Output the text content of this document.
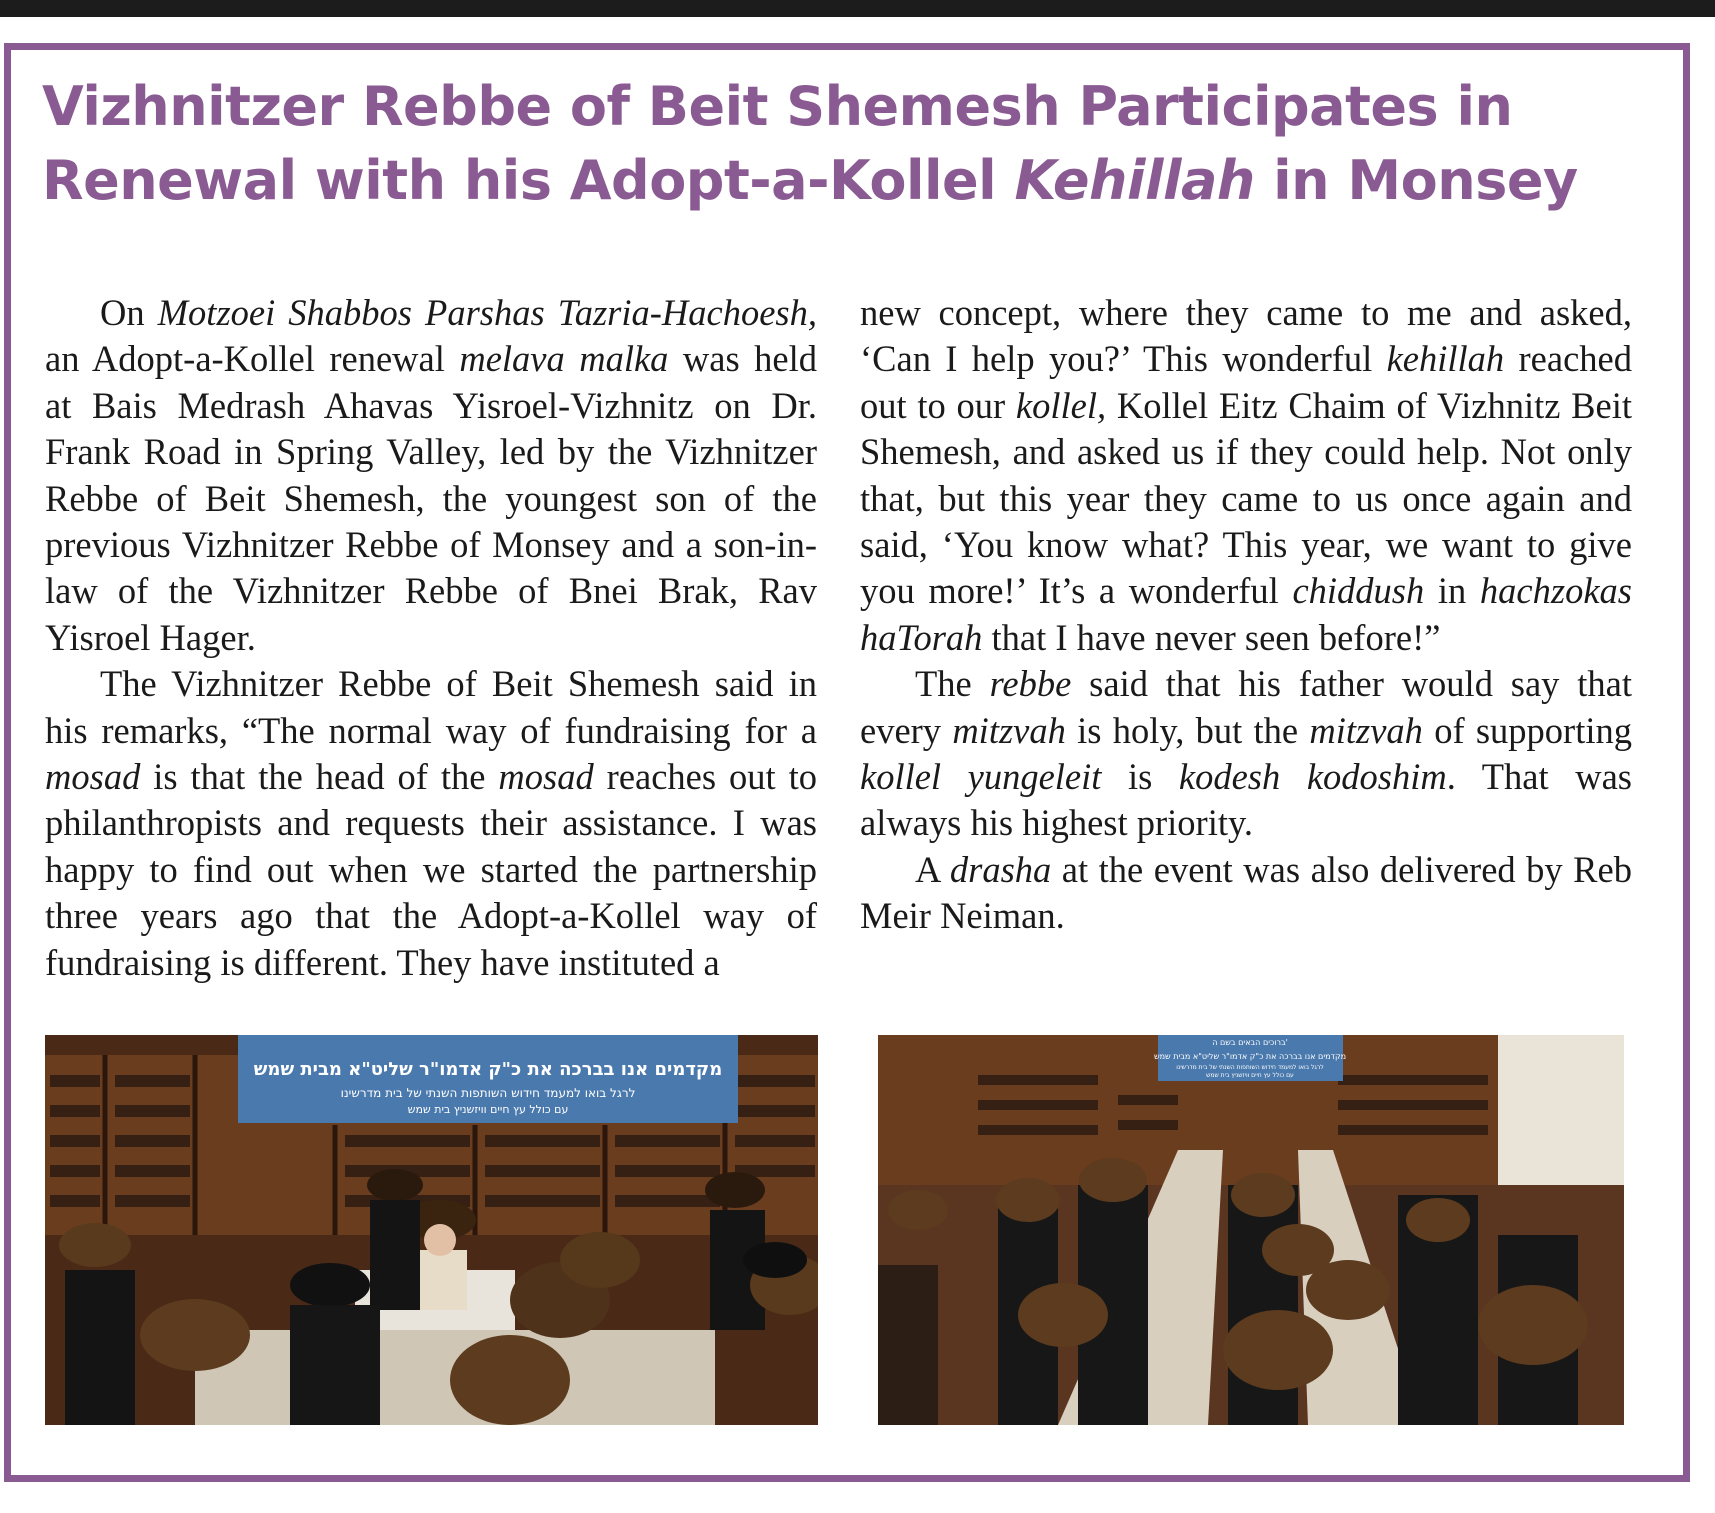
Vizhnitzer Rebbe of Beit Shemesh Participates in
Renewal with his Adopt-a-Kollel Kehillah in Monsey

On Motzoei Shabbos Parshas Tazria-Hachoesh, an Adopt-a-Kollel renewal melava malka was held at Bais Medrash Ahavas Yisroel-Vizhnitz on Dr. Frank Road in Spring Valley, led by the Vizhnitzer Rebbe of Beit Shemesh, the youngest son of the previous Vizhnitzer Rebbe of Monsey and a son-in-law of the Vizhnitzer Rebbe of Bnei Brak, Rav Yisroel Hager.

The Vizhnitzer Rebbe of Beit Shemesh said in his remarks, “The normal way of fundraising for a mosad is that the head of the mosad reaches out to philanthropists and requests their assistance. I was happy to find out when we started the partnership three years ago that the Adopt-a-Kollel way of fundraising is different. They have instituted a

new concept, where they came to me and asked, ‘Can I help you?’ This wonderful kehillah reached out to our kollel, Kollel Eitz Chaim of Vizhnitz Beit Shemesh, and asked us if they could help. Not only that, but this year they came to us once again and said, ‘You know what? This year, we want to give you more!’ It’s a wonderful chiddush in hachzokas haTorah that I have never seen before!”

The rebbe said that his father would say that every mitzvah is holy, but the mitzvah of supporting kollel yungeleit is kodesh kodoshim. That was always his highest priority.

A drasha at the event was also delivered by Reb Meir Neiman.

מקדמים אנו בברכה את כ"ק אדמו"ר שליט"א מבית שמש
לרגל בואו למעמד חידוש השותפות השנתי של בית מדרשינו
עם כולל עץ חיים וויזשניץ בית שמש
ברוכים הבאים בשם ה'
מקדמים אנו בברכה את כ"ק אדמו"ר שליט"א מבית שמש
לרגל בואו למעמד חידוש השותפות השנתי של בית מדרשינו
עם כולל עץ חיים וויזשניץ בית שמש
